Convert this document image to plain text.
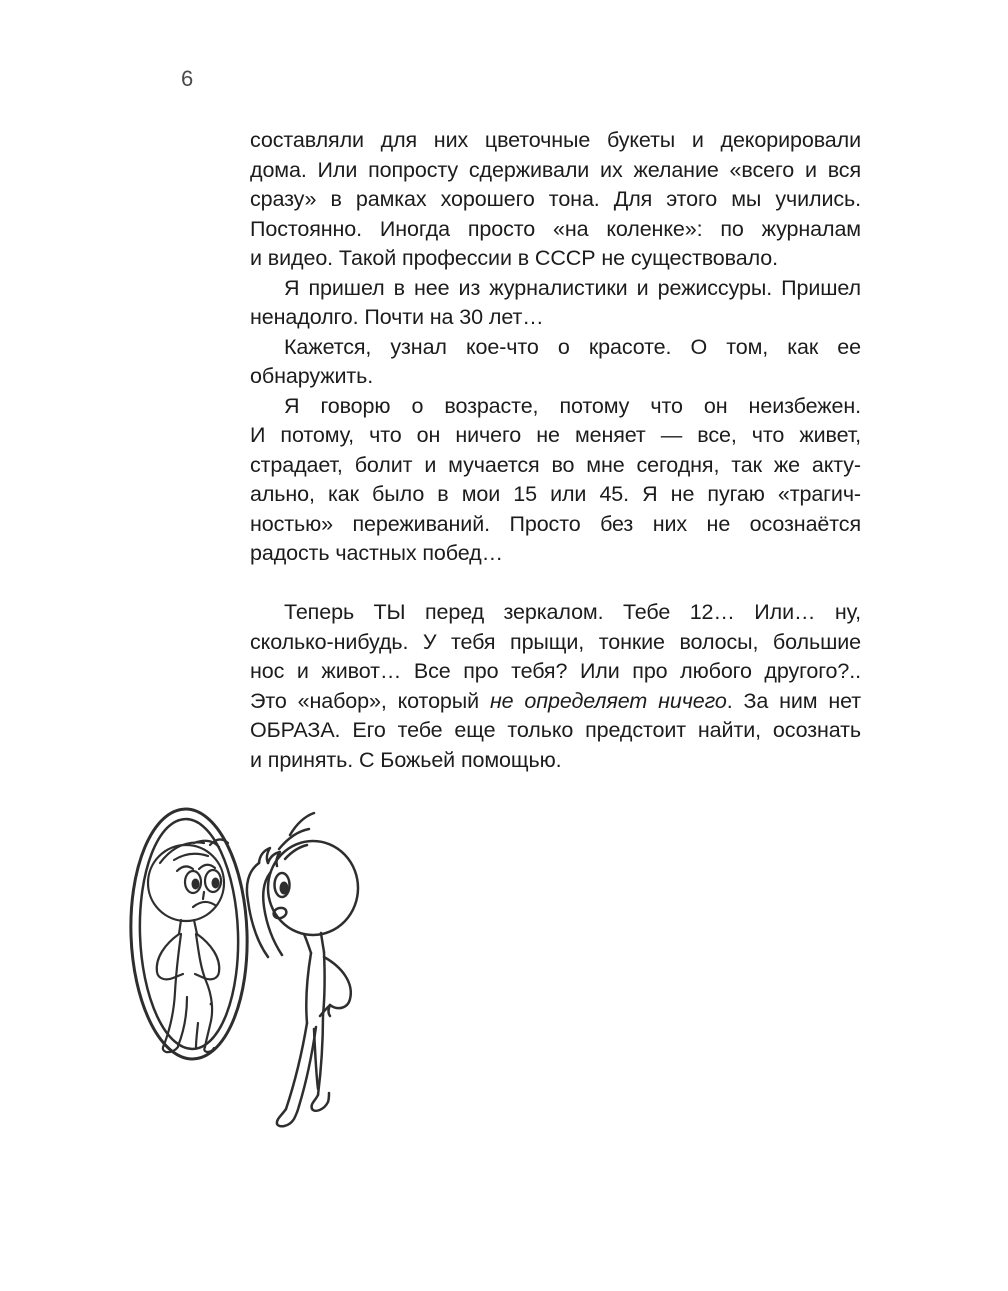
6
составляли для них цветочные букеты и декорировали
дома. Или попросту сдерживали их желание «всего и вся
сразу» в рамках хорошего тона. Для этого мы учились.
Постоянно. Иногда просто «на коленке»: по журналам
и видео. Такой профессии в СССР не существовало.
Я пришел в нее из журналистики и режиссуры. Пришел
ненадолго. Почти на 30 лет…
Кажется, узнал кое-что о красоте. О том, как ее
обнаружить.
Я говорю о возрасте, потому что он неизбежен.
И потому, что он ничего не меняет — все, что живет,
страдает, болит и мучается во мне сегодня, так же акту-
ально, как было в мои 15 или 45. Я не пугаю «трагич-
ностью» переживаний. Просто без них не осознаётся
радость частных побед…
Теперь ТЫ перед зеркалом. Тебе 12… Или… ну,
сколько-нибудь. У тебя прыщи, тонкие волосы, большие
нос и живот… Все про тебя? Или про любого другого?..
Это «набор», который не определяет ничего. За ним нет
ОБРАЗА. Его тебе еще только предстоит найти, осознать
и принять. С Божьей помощью.
